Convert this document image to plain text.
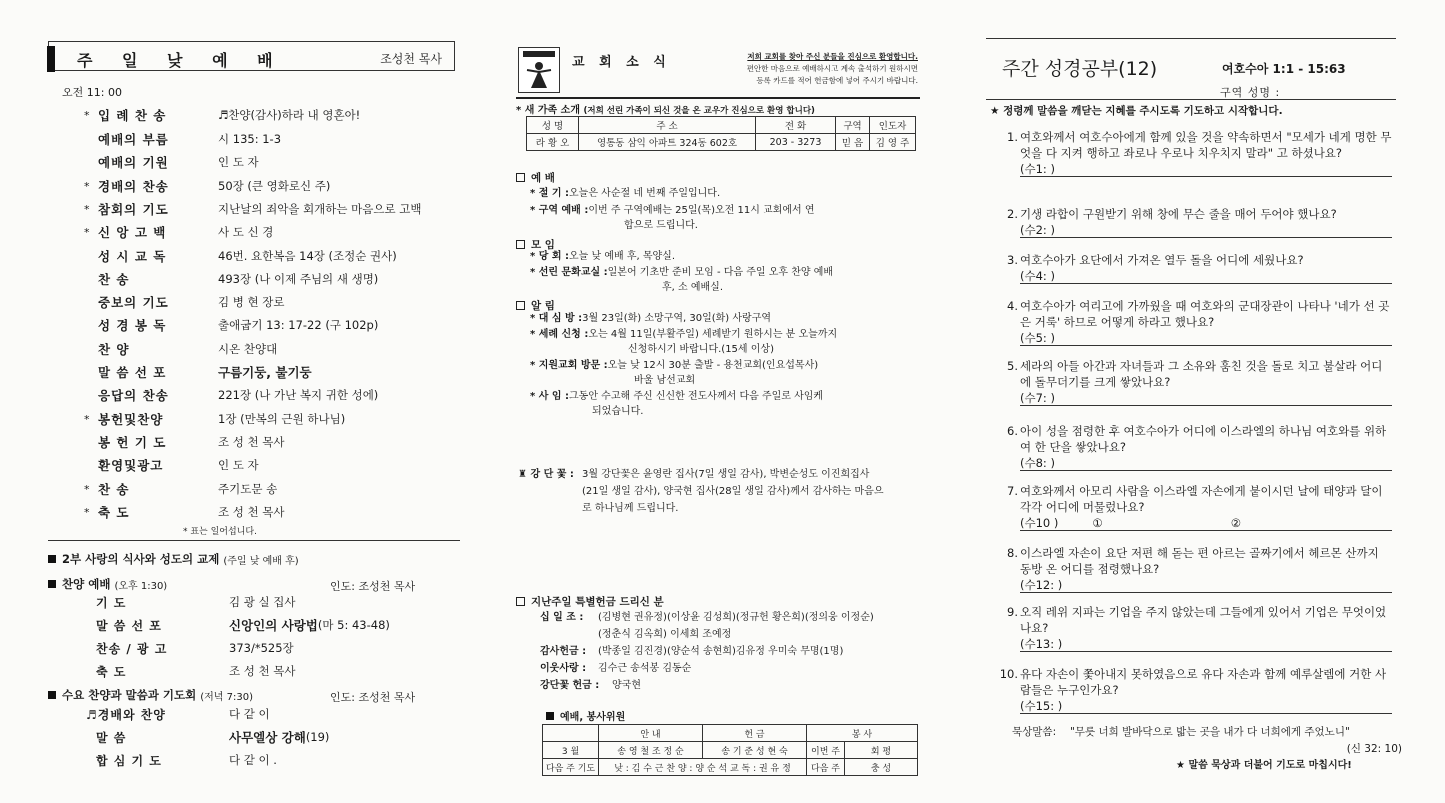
주 일 낮 예 배	조성천 목사
오전 11: 00
* 입 례 찬 송	♬찬양(감사)하라 내 영혼아!
예배의 부름	시 135: 1-3
예배의 기원	인 도 자
* 경배의 찬송	50장 (큰 영화로신 주)
* 참회의 기도	지난날의 죄악을 회개하는 마음으로 고백
* 신 앙 고 백	사 도 신 경
성 시 교 독	46번. 요한복음 14장 (조정순 권사)
찬 송	493장 (나 이제 주님의 새 생명)
중보의 기도	김 병 현 장로
성 경 봉 독	출애굽기 13: 17-22 (구 102p)
찬 양	시온 찬양대
말 씀 선 포	구름기둥, 불기둥
응답의 찬송	221장 (나 가난 복지 귀한 성에)
* 봉헌및찬양	1장 (만복의 근원 하나님)
봉 헌 기 도	조 성 천 목사
환영및광고	인 도 자
* 찬 송	주기도문 송
* 축 도	조 성 천 목사
* 표는 일어섭니다.
2부 사랑의 식사와 성도의 교제 (주일 낮 예배 후)
찬양 예배 (오후 1:30)	인도: 조성천 목사
기 도	김 광 실 집사
말 씀 선 포	신앙인의 사랑법 (마 5: 43-48)
찬송 / 광 고	373/*525장
축 도	조 성 천 목사
수요 찬양과 말씀과 기도회 (저녁 7:30)	인도: 조성천 목사
♬경배와 찬양	다 같 이
말 씀	사무엘상 강해 (19)
합 심 기 도	다 같 이 .
교 회 소 식	저희 교회를 찾아 주신 분들을 진심으로 환영합니다.
편안한 마음으로 예배하시고 계속 출석하기 원하시면
등록 카드를 적어 헌금함에 넣어 주시기 바랍니다.
* 새 가족 소개 (저희 선린 가족이 되신 것을 온 교우가 진심으로 환영 합니다)
성 명	주 소	전 화	구역	인도자
라 황 오	영통동 삼익 아파트 324동 602호	203 - 3273	믿 음	김 영 주
예 배
* 절 기 : 오늘은 사순절 네 번째 주일입니다.
* 구역 예배 : 이번 주 구역예배는 25일(목)오전 11시 교회에서 연
합으로 드립니다.
모 임
* 당 회 : 오늘 낮 예배 후, 목양실.
* 선린 문화교실 : 일본어 기초반 준비 모임 - 다음 주일 오후 찬양 예배
후, 소 예배실.
알 림
* 대 심 방 : 3월 23일(화) 소망구역, 30일(화) 사랑구역
* 세례 신청 : 오는 4월 11일(부활주일) 세례받기 원하시는 분 오늘까지
신청하시기 바랍니다.(15세 이상)
* 지원교회 방문 : 오늘 낮 12시 30분 출발 - 용천교회(인요섭목사)
바울 남선교회
* 사 임 : 그동안 수고해 주신 신신한 전도사께서 다음 주일로 사임케
되었습니다.
♜ 강 단 꽃 : 3월 강단꽃은 윤영란 집사(7일 생일 감사), 박변순성도 이진희집사
(21일 생일 감사), 양국현 집사(28일 생일 감사)께서 감사하는 마음으
로 하나님께 드립니다.
지난주일 특별헌금 드리신 분
십 일 조 :	(김병현 권유정)(이상윤 김성희)(정규헌 황은희)(정의웅 이정순)
(정춘식 김옥희) 이세희 조예정
감사헌금 :	(박종일 김진경)(양순석 송현희)김유정 우미숙 무명(1명)
이웃사랑 :	김수근 송석봉 김동순
강단꽃 헌금 :	양국현
예배, 봉사위원
	안 내	헌 금	봉 사	
3 월	송 영 철 조 정 순	송 기 준 성 현 숙	이번 주	회 평
다음 주 기도	낮 : 김 수 근 찬 양 : 양 순 석 교 독 : 권 유 정		다음 주	충 성
주간 성경공부(12)	여호수아 1:1 - 15:63
구역 성명 :
★ 정령께 말씀을 깨닫는 지혜를 주시도록 기도하고 시작합니다.
1. 여호와께서 여호수아에게 함께 있을 것을 약속하면서 "모세가 네게 명한 무엇을 다 지켜 행하고 좌로나 우로나 치우치지 말라" 고 하셨나요?
(수1: )
2. 기생 라합이 구원받기 위해 창에 무슨 줄을 매어 두어야 했나요?
(수2: )
3. 여호수아가 요단에서 가져온 열두 돌을 어디에 세웠나요?
(수4: )
4. 여호수아가 여리고에 가까웠을 때 여호와의 군대장관이 나타나 '네가 선 곳은 거룩' 하므로 어떻게 하라고 했나요?
(수5: )
5. 세라의 아들 아간과 자녀들과 그 소유와 훔친 것을 돌로 치고 불살라 어디에 돌무더기를 크게 쌓았나요?
(수7: )
6. 아이 성을 점령한 후 여호수아가 어디에 이스라엘의 하나님 여호와를 위하여 한 단을 쌓았나요?
(수8: )
7. 여호와께서 아모리 사람을 이스라엘 자손에게 붙이시던 날에 태양과 달이 각각 어디에 머물렀나요?
(수10 )	①	②
8. 이스라엘 자손이 요단 저편 해 돋는 편 아르는 골짜기에서 헤르몬 산까지 동방 온 어디를 점령했나요?
(수12: )
9. 오직 레위 지파는 기업을 주지 않았는데 그들에게 있어서 기업은 무엇이었나요?
(수13: )
10. 유다 자손이 쫓아내지 못하였음으로 유다 자손과 함께 예루살렘에 거한 사람들은 누구인가요?
(수15: )
묵상말씀: "무릇 너희 발바닥으로 밟는 곳을 내가 다 너희에게 주었노니"
(신 32: 10)
★ 말씀 묵상과 더불어 기도로 마칩시다!
